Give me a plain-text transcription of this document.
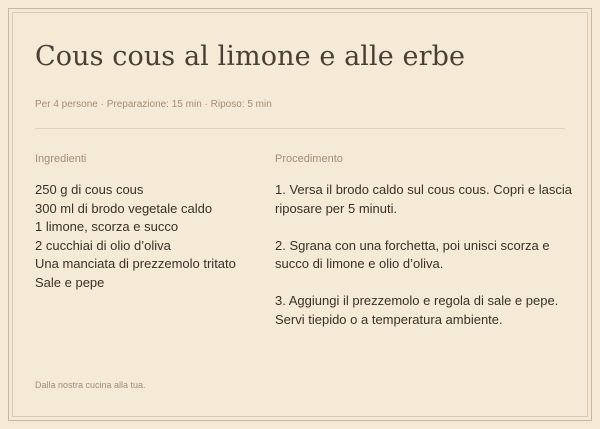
Cous cous al limone e alle erbe
Per 4 persone · Preparazione: 15 min · Riposo: 5 min
Ingredienti
250 g di cous cous
300 ml di brodo vegetale caldo
1 limone, scorza e succo
2 cucchiai di olio d’oliva
Una manciata di prezzemolo tritato
Sale e pepe
Procedimento
1. Versa il brodo caldo sul cous cous. Copri e lascia riposare per 5 minuti.
2. Sgrana con una forchetta, poi unisci scorza e succo di limone e olio d’oliva.
3. Aggiungi il prezzemolo e regola di sale e pepe. Servi tiepido o a temperatura ambiente.
Dalla nostra cucina alla tua.
